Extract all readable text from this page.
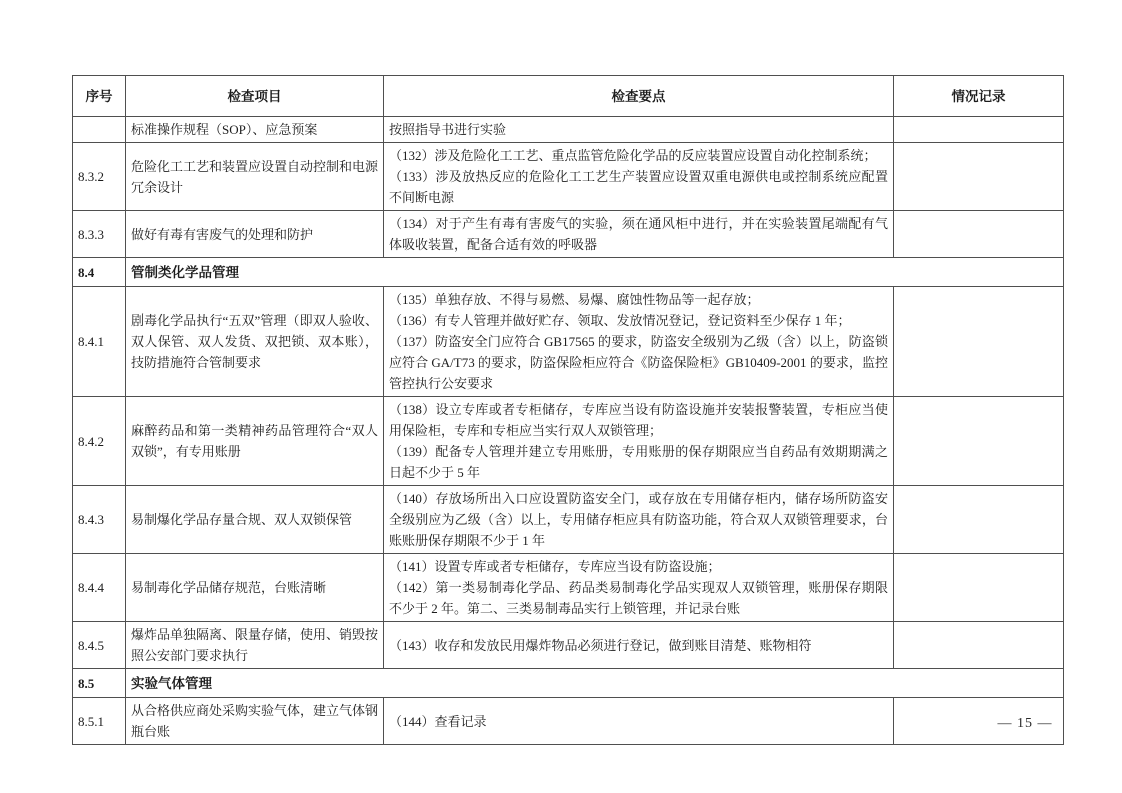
序号	检查项目	检查要点	情况记录
	标准操作规程（SOP）、应急预案	按照指导书进行实验	

8.3.2	危险化工工艺和装置应设置自动控制和电源冗余设计	（132）涉及危险化工工艺、重点监管危险化学品的反应装置应设置自动化控制系统；
（133）涉及放热反应的危险化工工艺生产装置应设置双重电源供电或控制系统应配置不间断电源	

8.3.3	做好有毒有害废气的处理和防护	（134）对于产生有毒有害废气的实验，须在通风柜中进行，并在实验装置尾端配有气体吸收装置，配备合适有效的呼吸器	

8.4	管制类化学品管理		
8.4.1	剧毒化学品执行“五双”管理（即双人验收、双人保管、双人发货、双把锁、双本账），技防措施符合管制要求	（135）单独存放、不得与易燃、易爆、腐蚀性物品等一起存放；
（136）有专人管理并做好贮存、领取、发放情况登记，登记资料至少保存 1 年；
（137）防盗安全门应符合 GB17565 的要求，防盗安全级别为乙级（含）以上，防盗锁应符合 GA/T73 的要求，防盗保险柜应符合《防盗保险柜》GB10409-2001 的要求，监控管控执行公安要求	

8.4.2	麻醉药品和第一类精神药品管理符合“双人双锁”，有专用账册	（138）设立专库或者专柜储存，专库应当设有防盗设施并安装报警装置，专柜应当使用保险柜，专库和专柜应当实行双人双锁管理；
（139）配备专人管理并建立专用账册，专用账册的保存期限应当自药品有效期期满之日起不少于 5 年	

8.4.3	易制爆化学品存量合规、双人双锁保管	（140）存放场所出入口应设置防盗安全门，或存放在专用储存柜内，储存场所防盗安全级别应为乙级（含）以上，专用储存柜应具有防盗功能，符合双人双锁管理要求，台账账册保存期限不少于 1 年	

8.4.4	易制毒化学品储存规范，台账清晰	（141）设置专库或者专柜储存，专库应当设有防盗设施；
（142）第一类易制毒化学品、药品类易制毒化学品实现双人双锁管理，账册保存期限不少于 2 年。第二、三类易制毒品实行上锁管理，并记录台账	

8.4.5	爆炸品单独隔离、限量存储，使用、销毁按照公安部门要求执行	（143）收存和发放民用爆炸物品必须进行登记，做到账目清楚、账物相符	

8.5	实验气体管理		
8.5.1	从合格供应商处采购实验气体，建立气体钢瓶台账	（144）查看记录	
		— 15 —
